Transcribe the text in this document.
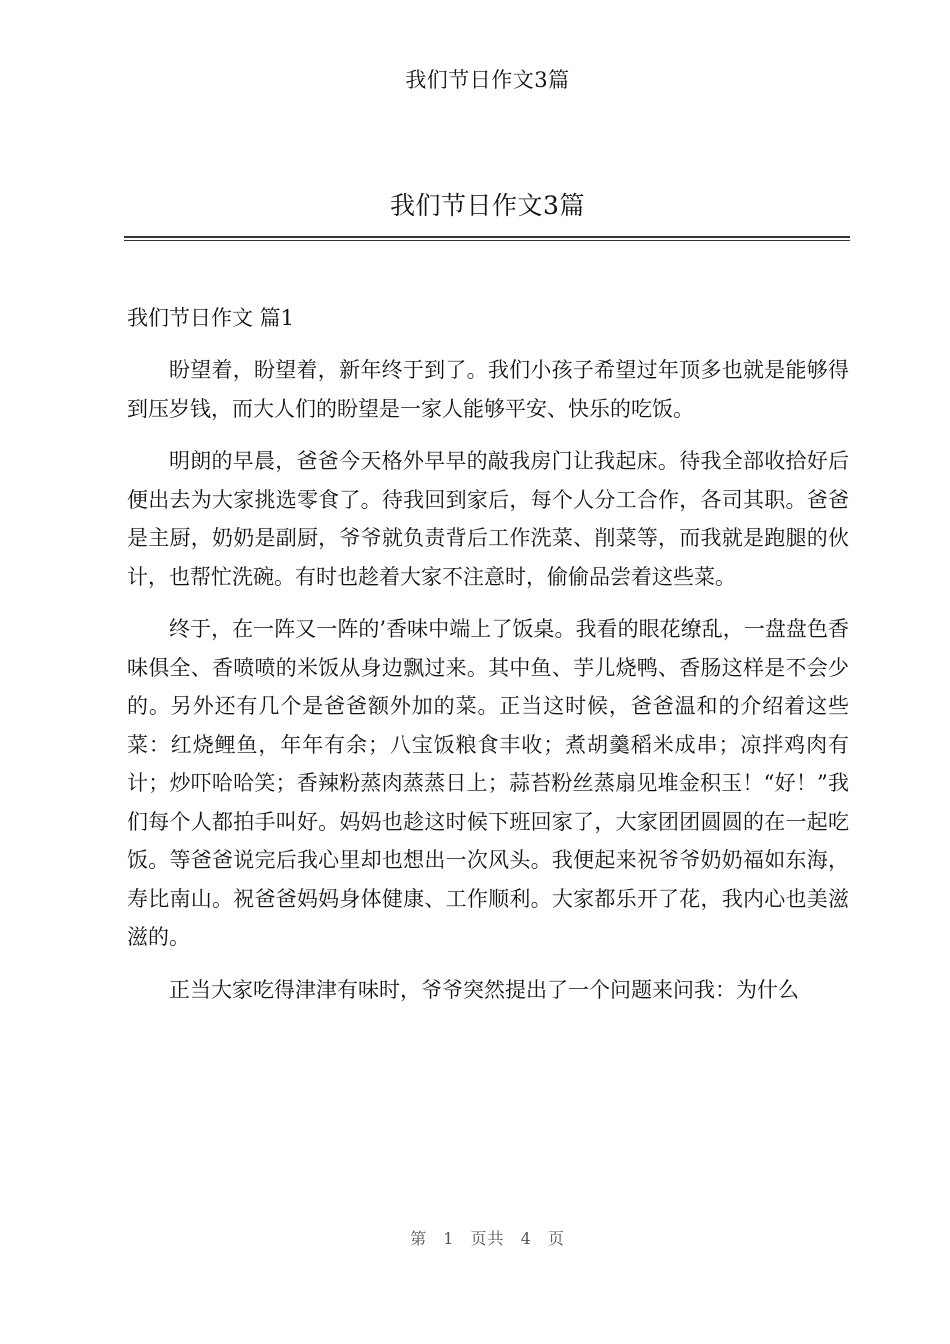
我们节日作文3篇
我们节日作文3篇
我们节日作文 篇1

盼望着，盼望着，新年终于到了。我们小孩子希望过年顶多也就是能够得到压岁钱，而大人们的盼望是一家人能够平安、快乐的吃饭。

明朗的早晨，爸爸今天格外早早的敲我房门让我起床。待我全部收拾好后便出去为大家挑选零食了。待我回到家后，每个人分工合作，各司其职。爸爸是主厨，奶奶是副厨，爷爷就负责背后工作洗菜、削菜等，而我就是跑腿的伙计，也帮忙洗碗。有时也趁着大家不注意时，偷偷品尝着这些菜。

终于，在一阵又一阵的’香味中端上了饭桌。我看的眼花缭乱，一盘盘色香味俱全、香喷喷的米饭从身边飘过来。其中鱼、芋儿烧鸭、香肠这样是不会少的。另外还有几个是爸爸额外加的菜。正当这时候，爸爸温和的介绍着这些菜：红烧鲤鱼，年年有余；八宝饭粮食丰收；煮胡羹稻米成串；凉拌鸡肉有计；炒吓哈哈笑；香辣粉蒸肉蒸蒸日上；蒜苔粉丝蒸扇见堆金积玉！“好！”我们每个人都拍手叫好。妈妈也趁这时候下班回家了，大家团团圆圆的在一起吃饭。等爸爸说完后我心里却也想出一次风头。我便起来祝爷爷奶奶福如东海，寿比南山。祝爸爸妈妈身体健康、工作顺利。大家都乐开了花，我内心也美滋滋的。

正当大家吃得津津有味时，爷爷突然提出了一个问题来问我：为什么

第 1 页共 4 页
